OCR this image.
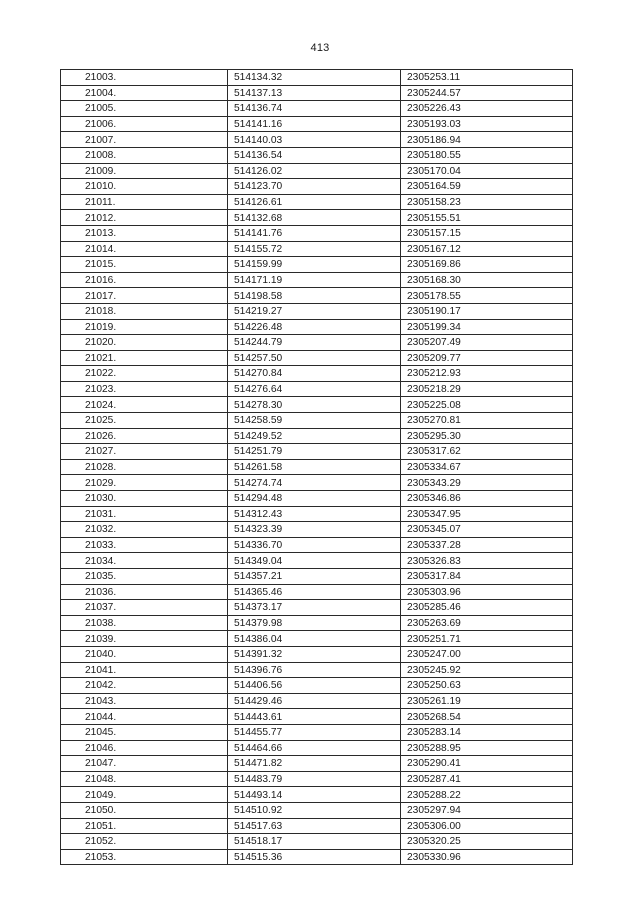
413
21003.	514134.32	2305253.11
21004.	514137.13	2305244.57
21005.	514136.74	2305226.43
21006.	514141.16	2305193.03
21007.	514140.03	2305186.94
21008.	514136.54	2305180.55
21009.	514126.02	2305170.04
21010.	514123.70	2305164.59
21011.	514126.61	2305158.23
21012.	514132.68	2305155.51
21013.	514141.76	2305157.15
21014.	514155.72	2305167.12
21015.	514159.99	2305169.86
21016.	514171.19	2305168.30
21017.	514198.58	2305178.55
21018.	514219.27	2305190.17
21019.	514226.48	2305199.34
21020.	514244.79	2305207.49
21021.	514257.50	2305209.77
21022.	514270.84	2305212.93
21023.	514276.64	2305218.29
21024.	514278.30	2305225.08
21025.	514258.59	2305270.81
21026.	514249.52	2305295.30
21027.	514251.79	2305317.62
21028.	514261.58	2305334.67
21029.	514274.74	2305343.29
21030.	514294.48	2305346.86
21031.	514312.43	2305347.95
21032.	514323.39	2305345.07
21033.	514336.70	2305337.28
21034.	514349.04	2305326.83
21035.	514357.21	2305317.84
21036.	514365.46	2305303.96
21037.	514373.17	2305285.46
21038.	514379.98	2305263.69
21039.	514386.04	2305251.71
21040.	514391.32	2305247.00
21041.	514396.76	2305245.92
21042.	514406.56	2305250.63
21043.	514429.46	2305261.19
21044.	514443.61	2305268.54
21045.	514455.77	2305283.14
21046.	514464.66	2305288.95
21047.	514471.82	2305290.41
21048.	514483.79	2305287.41
21049.	514493.14	2305288.22
21050.	514510.92	2305297.94
21051.	514517.63	2305306.00
21052.	514518.17	2305320.25
21053.	514515.36	2305330.96
